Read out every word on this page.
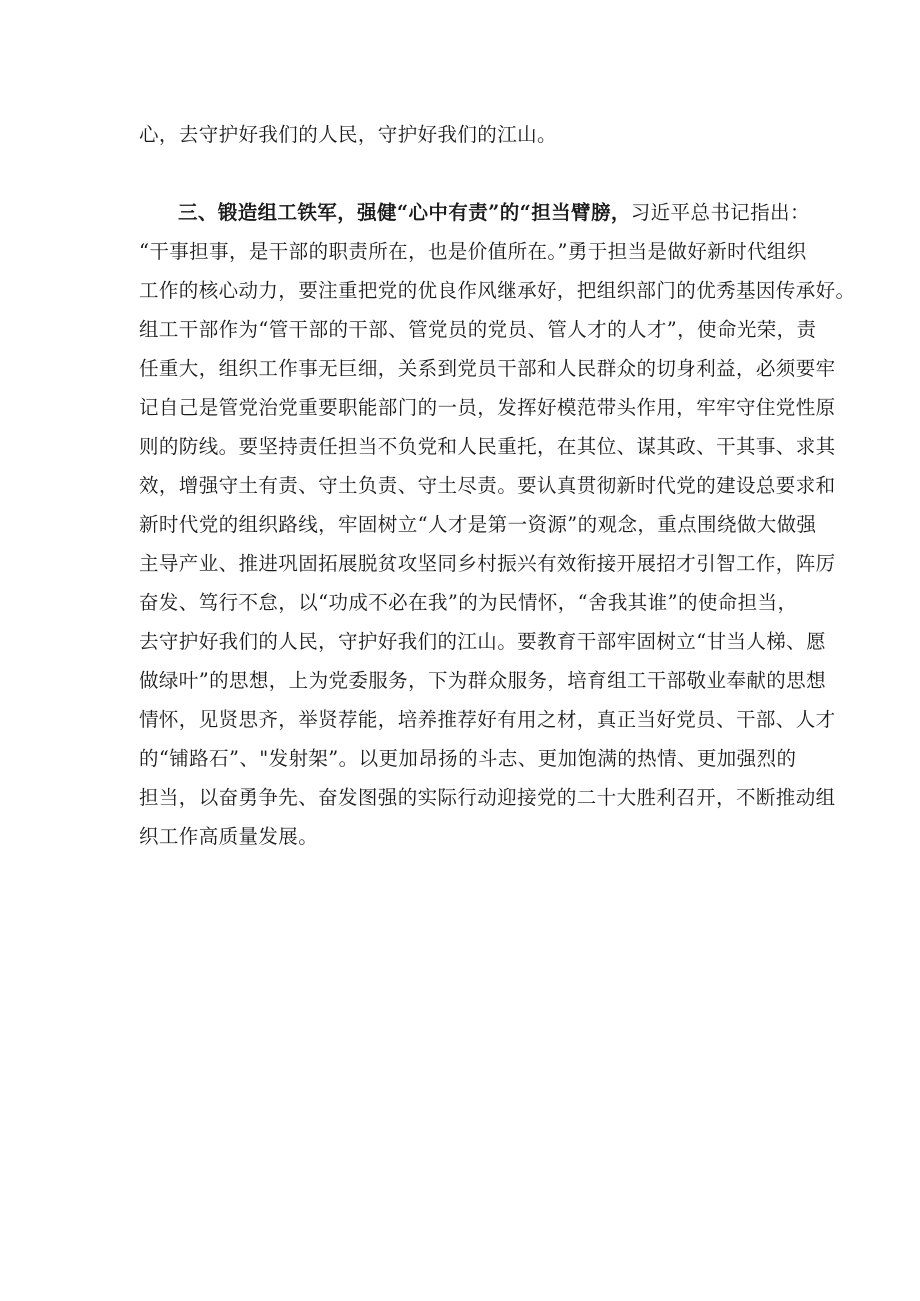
心，去守护好我们的人民，守护好我们的江山。
三、锻造组工铁军，强健“心中有责”的“担当臂膀，习近平总书记指出：
“干事担事，是干部的职责所在，也是价值所在。”勇于担当是做好新时代组织
工作的核心动力，要注重把党的优良作风继承好，把组织部门的优秀基因传承好。
组工干部作为“管干部的干部、管党员的党员、管人才的人才”，使命光荣，责
任重大，组织工作事无巨细，关系到党员干部和人民群众的切身利益，必须要牢
记自己是管党治党重要职能部门的一员，发挥好模范带头作用，牢牢守住党性原
则的防线。要坚持责任担当不负党和人民重托，在其位、谋其政、干其事、求其
效，增强守土有责、守土负责、守土尽责。要认真贯彻新时代党的建设总要求和
新时代党的组织路线，牢固树立“人才是第一资源”的观念，重点围绕做大做强
主导产业、推进巩固拓展脱贫攻坚同乡村振兴有效衔接开展招才引智工作，阵厉
奋发、笃行不怠，以“功成不必在我”的为民情怀，“舍我其谁”的使命担当，
去守护好我们的人民，守护好我们的江山。要教育干部牢固树立“甘当人梯、愿
做绿叶”的思想，上为党委服务，下为群众服务，培育组工干部敬业奉献的思想
情怀，见贤思齐，举贤荐能，培养推荐好有用之材，真正当好党员、干部、人才
的“铺路石”、"发射架”。以更加昂扬的斗志、更加饱满的热情、更加强烈的
担当，以奋勇争先、奋发图强的实际行动迎接党的二十大胜利召开，不断推动组
织工作高质量发展。
